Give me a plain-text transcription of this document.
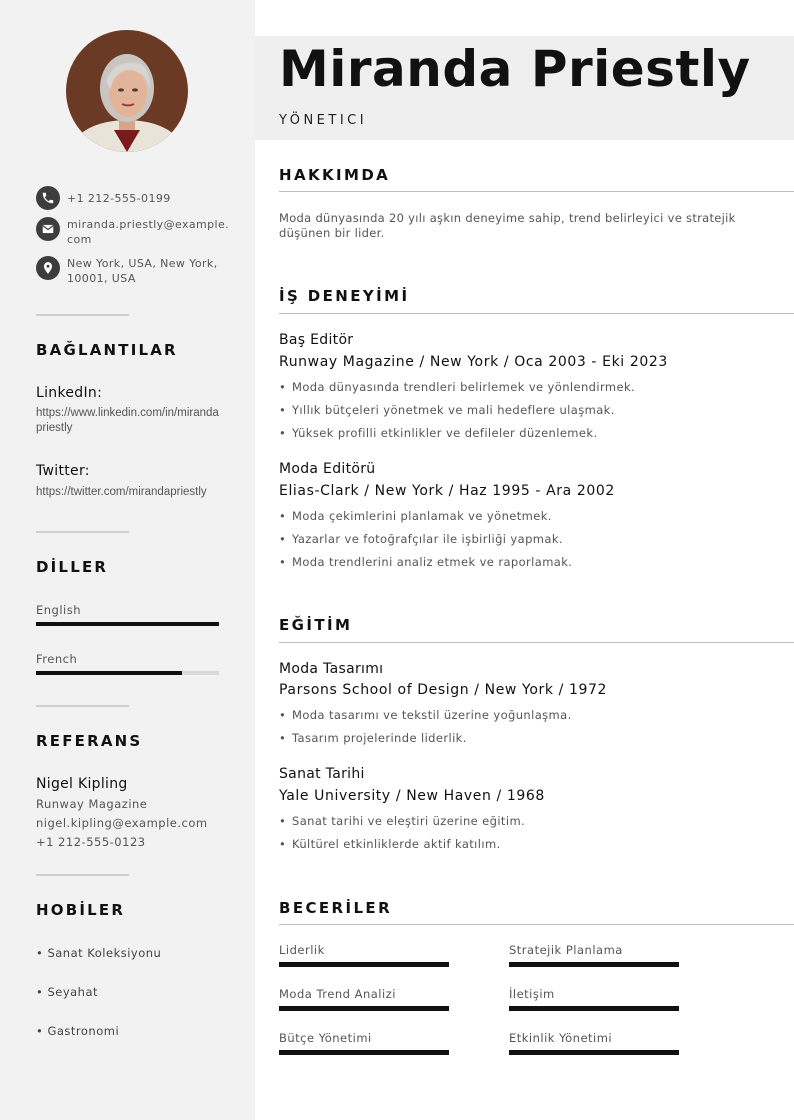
+1 212-555-0199
miranda.priestly@example.
com
New York, USA, New York,
10001, USA
BAĞLANTILAR
LinkedIn:
https://www.linkedin.com/in/mirandapriestly
Twitter:
https://twitter.com/mirandapriestly
DİLLER
English
French
REFERANS
Nigel Kipling
Runway Magazine
nigel.kipling@example.com
+1 212-555-0123
HOBİLER
• Sanat Koleksiyonu
• Seyahat
• Gastronomi
Miranda Priestly
YÖNETICI
HAKKIMDA
Moda dünyasında 20 yılı aşkın deneyime sahip, trend belirleyici ve stratejik düşünen bir lider.
İŞ DENEYİMİ
Baş Editör
Runway Magazine / New York / Oca 2003 - Eki 2023
• Moda dünyasında trendleri belirlemek ve yönlendirmek.
• Yıllık bütçeleri yönetmek ve mali hedeflere ulaşmak.
• Yüksek profilli etkinlikler ve defileler düzenlemek.
Moda Editörü
Elias-Clark / New York / Haz 1995 - Ara 2002
• Moda çekimlerini planlamak ve yönetmek.
• Yazarlar ve fotoğrafçılar ile işbirliği yapmak.
• Moda trendlerini analiz etmek ve raporlamak.
EĞİTİM
Moda Tasarımı
Parsons School of Design / New York / 1972
• Moda tasarımı ve tekstil üzerine yoğunlaşma.
• Tasarım projelerinde liderlik.
Sanat Tarihi
Yale University / New Haven / 1968
• Sanat tarihi ve eleştiri üzerine eğitim.
• Kültürel etkinliklerde aktif katılım.
BECERİLER
Liderlik	Stratejik Planlama
Moda Trend Analizi	İletişim
Bütçe Yönetimi	Etkinlik Yönetimi
